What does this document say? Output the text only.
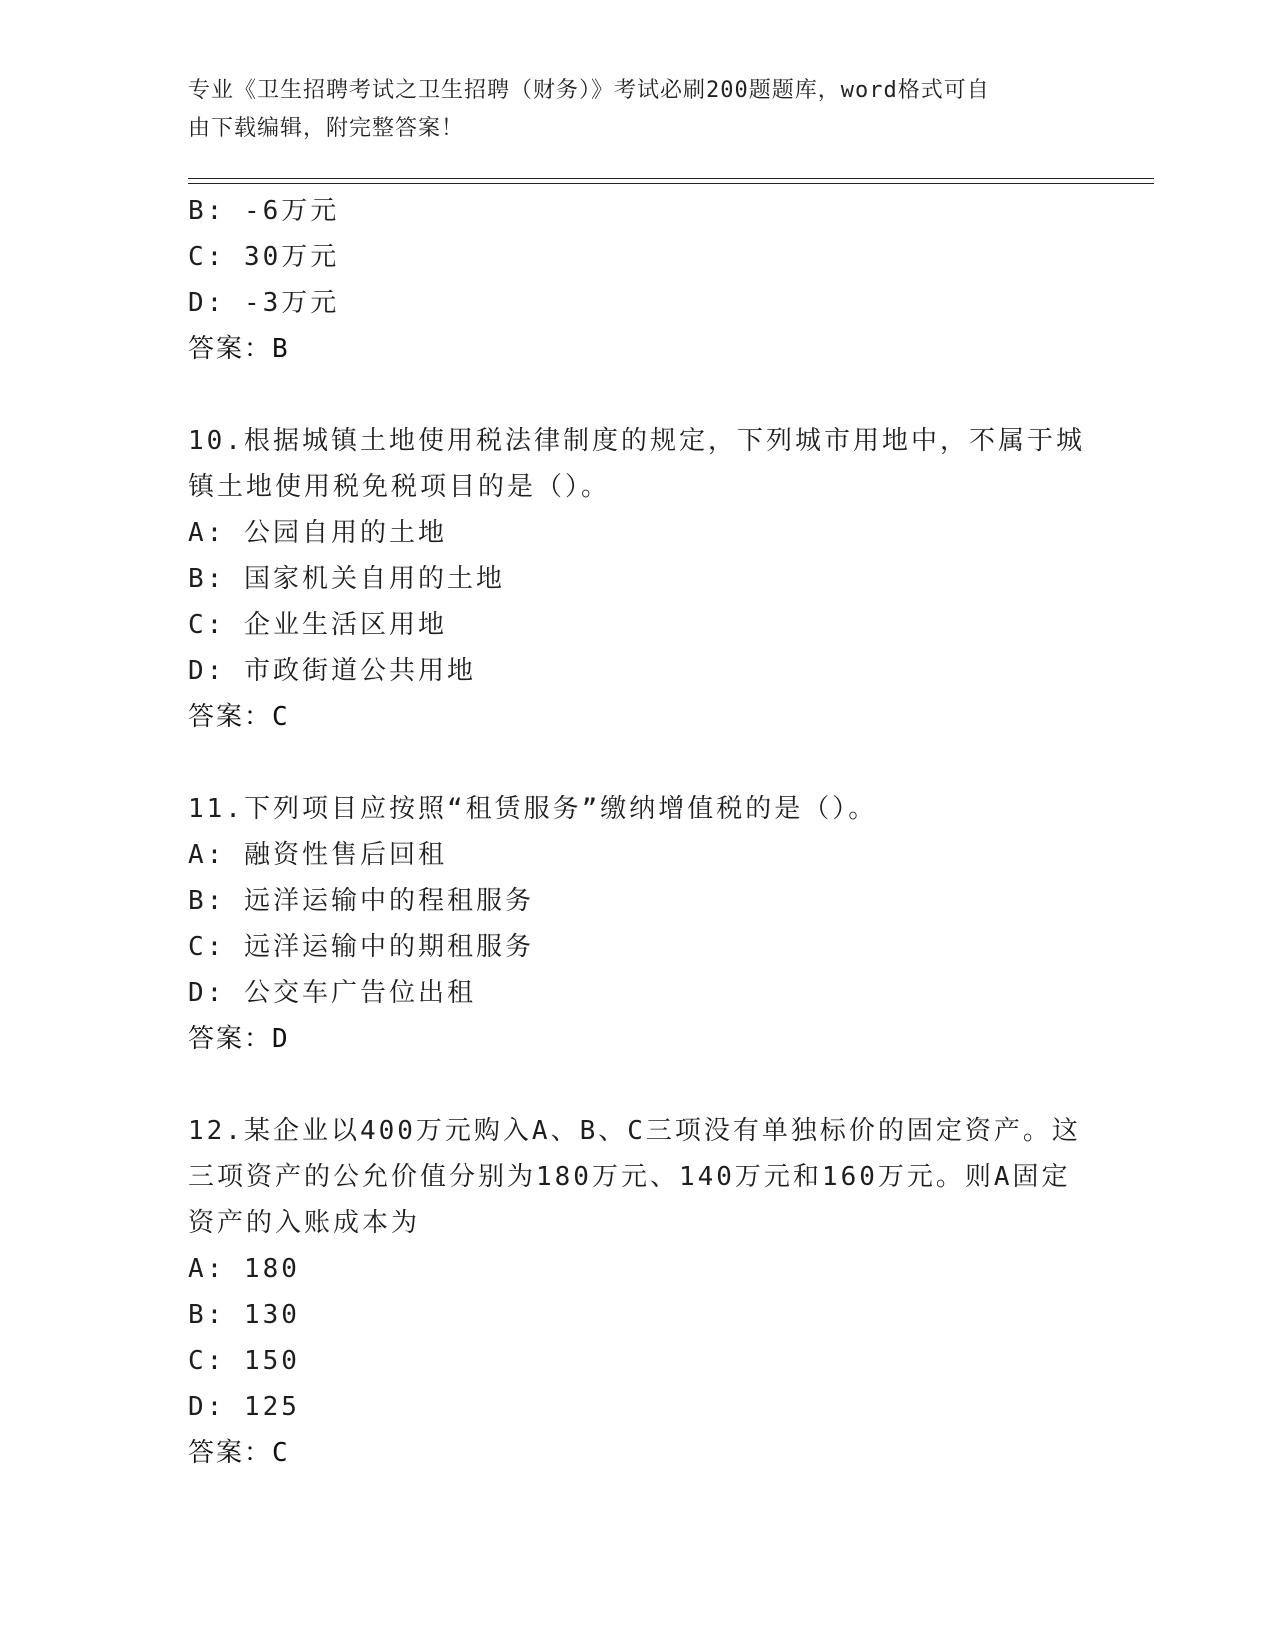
专业《卫生招聘考试之卫生招聘（财务）》考试必刷200题题库，word格式可自
由下载编辑，附完整答案！
B: -6万元
C: 30万元
D: -3万元
答案：B
10.根据城镇土地使用税法律制度的规定，下列城市用地中，不属于城
镇土地使用税免税项目的是（）。
A: 公园自用的土地
B: 国家机关自用的土地
C: 企业生活区用地
D: 市政街道公共用地
答案：C
11.下列项目应按照“租赁服务”缴纳增值税的是（）。
A: 融资性售后回租
B: 远洋运输中的程租服务
C: 远洋运输中的期租服务
D: 公交车广告位出租
答案：D
12.某企业以400万元购入A、B、C三项没有单独标价的固定资产。这
三项资产的公允价值分别为180万元、140万元和160万元。则A固定
资产的入账成本为
A: 180
B: 130
C: 150
D: 125
答案：C
